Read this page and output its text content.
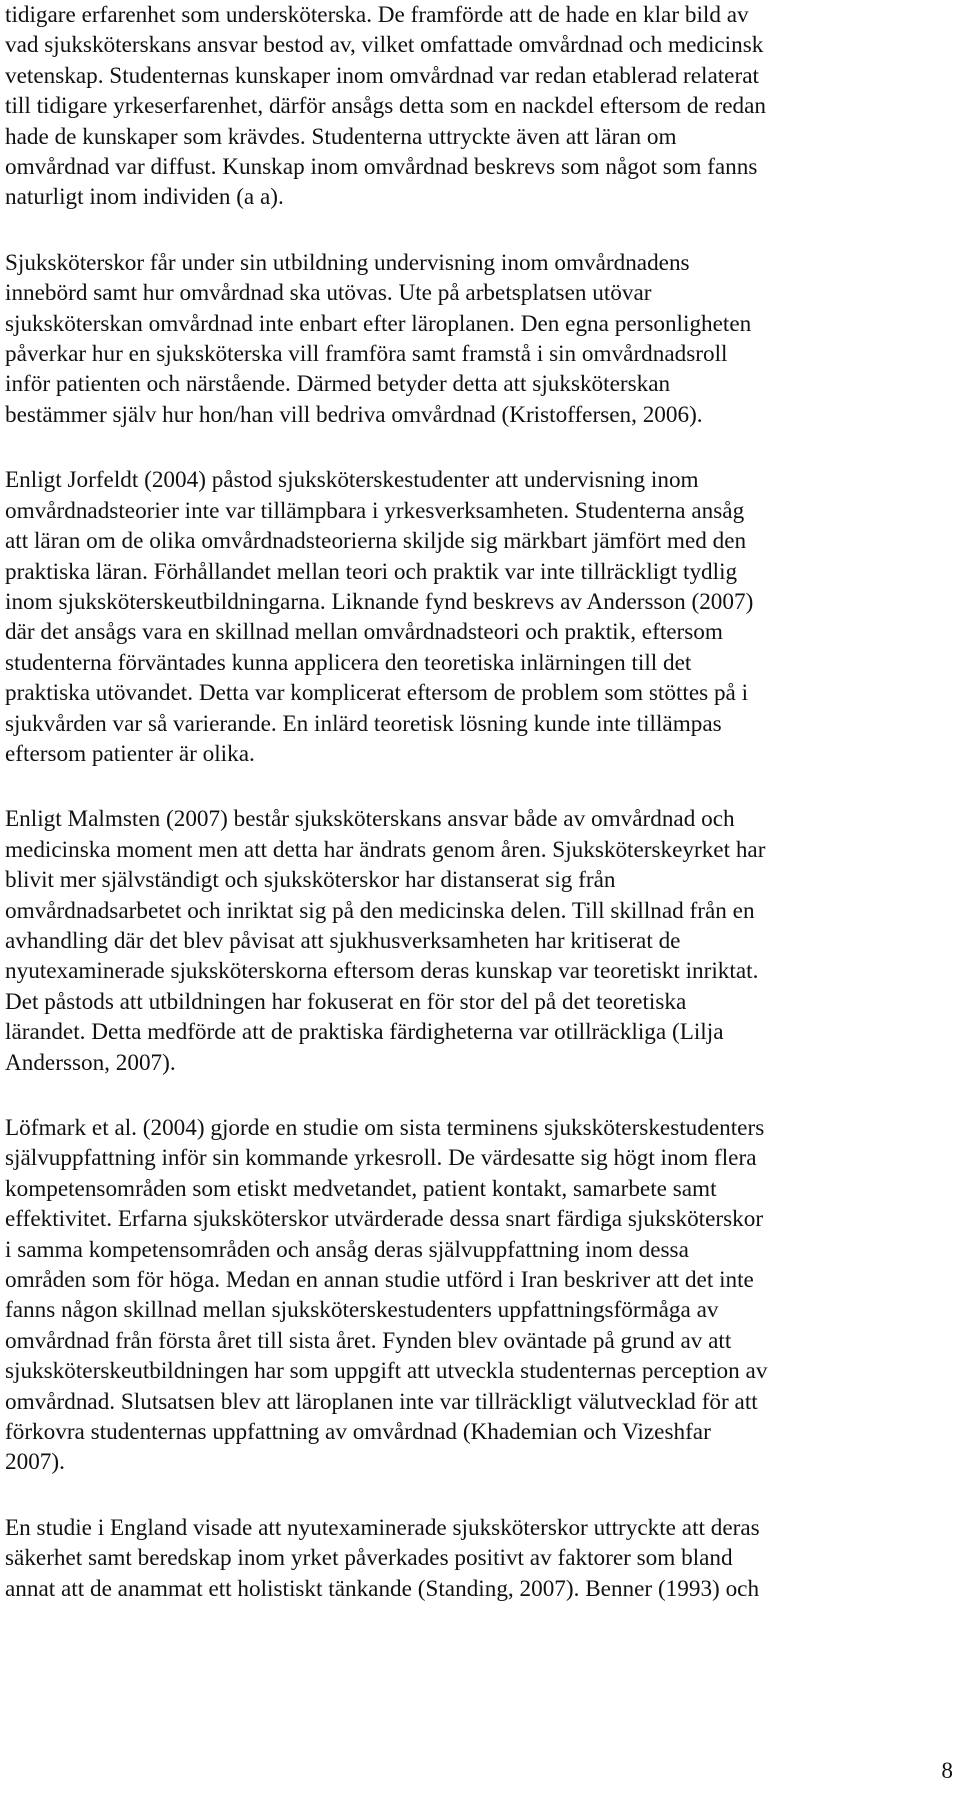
tidigare erfarenhet som undersköterska. De framförde att de hade en klar bild av
vad sjuksköterskans ansvar bestod av, vilket omfattade omvårdnad och medicinsk
vetenskap. Studenternas kunskaper inom omvårdnad var redan etablerad relaterat
till tidigare yrkeserfarenhet, därför ansågs detta som en nackdel eftersom de redan
hade de kunskaper som krävdes. Studenterna uttryckte även att läran om
omvårdnad var diffust. Kunskap inom omvårdnad beskrevs som något som fanns
naturligt inom individen (a a).
Sjuksköterskor får under sin utbildning undervisning inom omvårdnadens
innebörd samt hur omvårdnad ska utövas. Ute på arbetsplatsen utövar
sjuksköterskan omvårdnad inte enbart efter läroplanen. Den egna personligheten
påverkar hur en sjuksköterska vill framföra samt framstå i sin omvårdnadsroll
inför patienten och närstående. Därmed betyder detta att sjuksköterskan
bestämmer själv hur hon/han vill bedriva omvårdnad (Kristoffersen, 2006).
Enligt Jorfeldt (2004) påstod sjuksköterskestudenter att undervisning inom
omvårdnadsteorier inte var tillämpbara i yrkesverksamheten. Studenterna ansåg
att läran om de olika omvårdnadsteorierna skiljde sig märkbart jämfört med den
praktiska läran. Förhållandet mellan teori och praktik var inte tillräckligt tydlig
inom sjuksköterskeutbildningarna. Liknande fynd beskrevs av Andersson (2007)
där det ansågs vara en skillnad mellan omvårdnadsteori och praktik, eftersom
studenterna förväntades kunna applicera den teoretiska inlärningen till det
praktiska utövandet. Detta var komplicerat eftersom de problem som stöttes på i
sjukvården var så varierande. En inlärd teoretisk lösning kunde inte tillämpas
eftersom patienter är olika.
Enligt Malmsten (2007) består sjuksköterskans ansvar både av omvårdnad och
medicinska moment men att detta har ändrats genom åren. Sjuksköterskeyrket har
blivit mer självständigt och sjuksköterskor har distanserat sig från
omvårdnadsarbetet och inriktat sig på den medicinska delen. Till skillnad från en
avhandling där det blev påvisat att sjukhusverksamheten har kritiserat de
nyutexaminerade sjuksköterskorna eftersom deras kunskap var teoretiskt inriktat.
Det påstods att utbildningen har fokuserat en för stor del på det teoretiska
lärandet. Detta medförde att de praktiska färdigheterna var otillräckliga (Lilja
Andersson, 2007).
Löfmark et al. (2004) gjorde en studie om sista terminens sjuksköterskestudenters
självuppfattning inför sin kommande yrkesroll. De värdesatte sig högt inom flera
kompetensområden som etiskt medvetandet, patient kontakt, samarbete samt
effektivitet. Erfarna sjuksköterskor utvärderade dessa snart färdiga sjuksköterskor
i samma kompetensområden och ansåg deras självuppfattning inom dessa
områden som för höga. Medan en annan studie utförd i Iran beskriver att det inte
fanns någon skillnad mellan sjuksköterskestudenters uppfattningsförmåga av
omvårdnad från första året till sista året. Fynden blev oväntade på grund av att
sjuksköterskeutbildningen har som uppgift att utveckla studenternas perception av
omvårdnad. Slutsatsen blev att läroplanen inte var tillräckligt välutvecklad för att
förkovra studenternas uppfattning av omvårdnad (Khademian och Vizeshfar
2007).
En studie i England visade att nyutexaminerade sjuksköterskor uttryckte att deras
säkerhet samt beredskap inom yrket påverkades positivt av faktorer som bland
annat att de anammat ett holistiskt tänkande (Standing, 2007). Benner (1993) och
8
